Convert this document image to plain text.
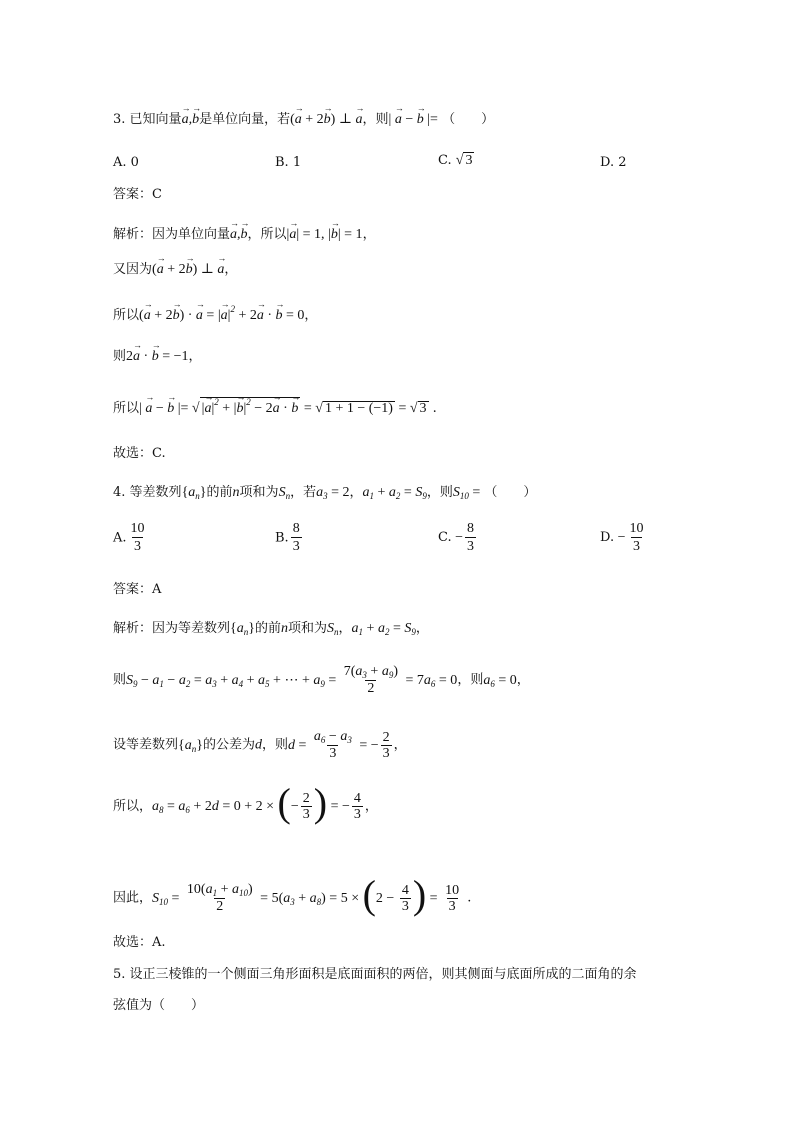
3. 已知向量→ a,→ b是单位向量，若(→ a + 2→ b) ⊥ → a，则| → a − → b |= （　　）
A. 0	B. 1	C. √ 3	D. 2
答案：C
解析：因为单位向量→ a,→ b，所以|→ a| = 1, |→ b| = 1，
又因为(→ a + 2→ b) ⊥ → a，
所以(→ a + 2→ b) · → a = |→ $a|^2 + 2\to a$ · → b = 0，
则2→ a · → b = −1，
所以| → a − → b |= √ |→ $a|^2$ + |→ $b|^2 - 2\to a$ · → b = √ 1 + 1 − (−1) = √ 3 .
故选：C.
4. 等差数列$\{a_n\}$的前n项和为$S_n$，若$a_3 = 2$，$a_1 + a_2 = S_9$，则$S_{10}$ = （　　）
A. $\frac{10}{3}$	B. $\frac{8}{3}$	C. − $\frac{8}{3}$	D. − $\frac{10}{3}$
答案：A
解析：因为等差数列$\{a_n\}$的前n项和为$S_n$，$a_1 + a_2 = S_9$，
则$S_9 - a_1 - a_2 = a_3 + a_4 + a_5$ + ⋯ + $a_9 = \frac{7(a_3 + a_9)}{2} = 7a_6 = 0$，则$a_6 = 0$，
设等差数列$\{a_n\}$的公差为d，则$d = \frac{a_6 - a_3}{3}$ = − $\frac{2}{3}$ ，
所以，$a_8 = a_6 + 2d = 0 + 2$ × (− $\frac{2}{3}$ ) = − $\frac{4}{3}$ ，
因此，$S_{10} = \frac{10(a_1 + a_{10})}{2} = 5(a_3 + a_8) = 5 \times (2 - \frac{4}{3}$ ) = $\frac{10}{3}$ .
故选：A.
5. 设正三棱锥的一个侧面三角形面积是底面面积的两倍，则其侧面与底面所成的二面角的余
弦值为（　　）
